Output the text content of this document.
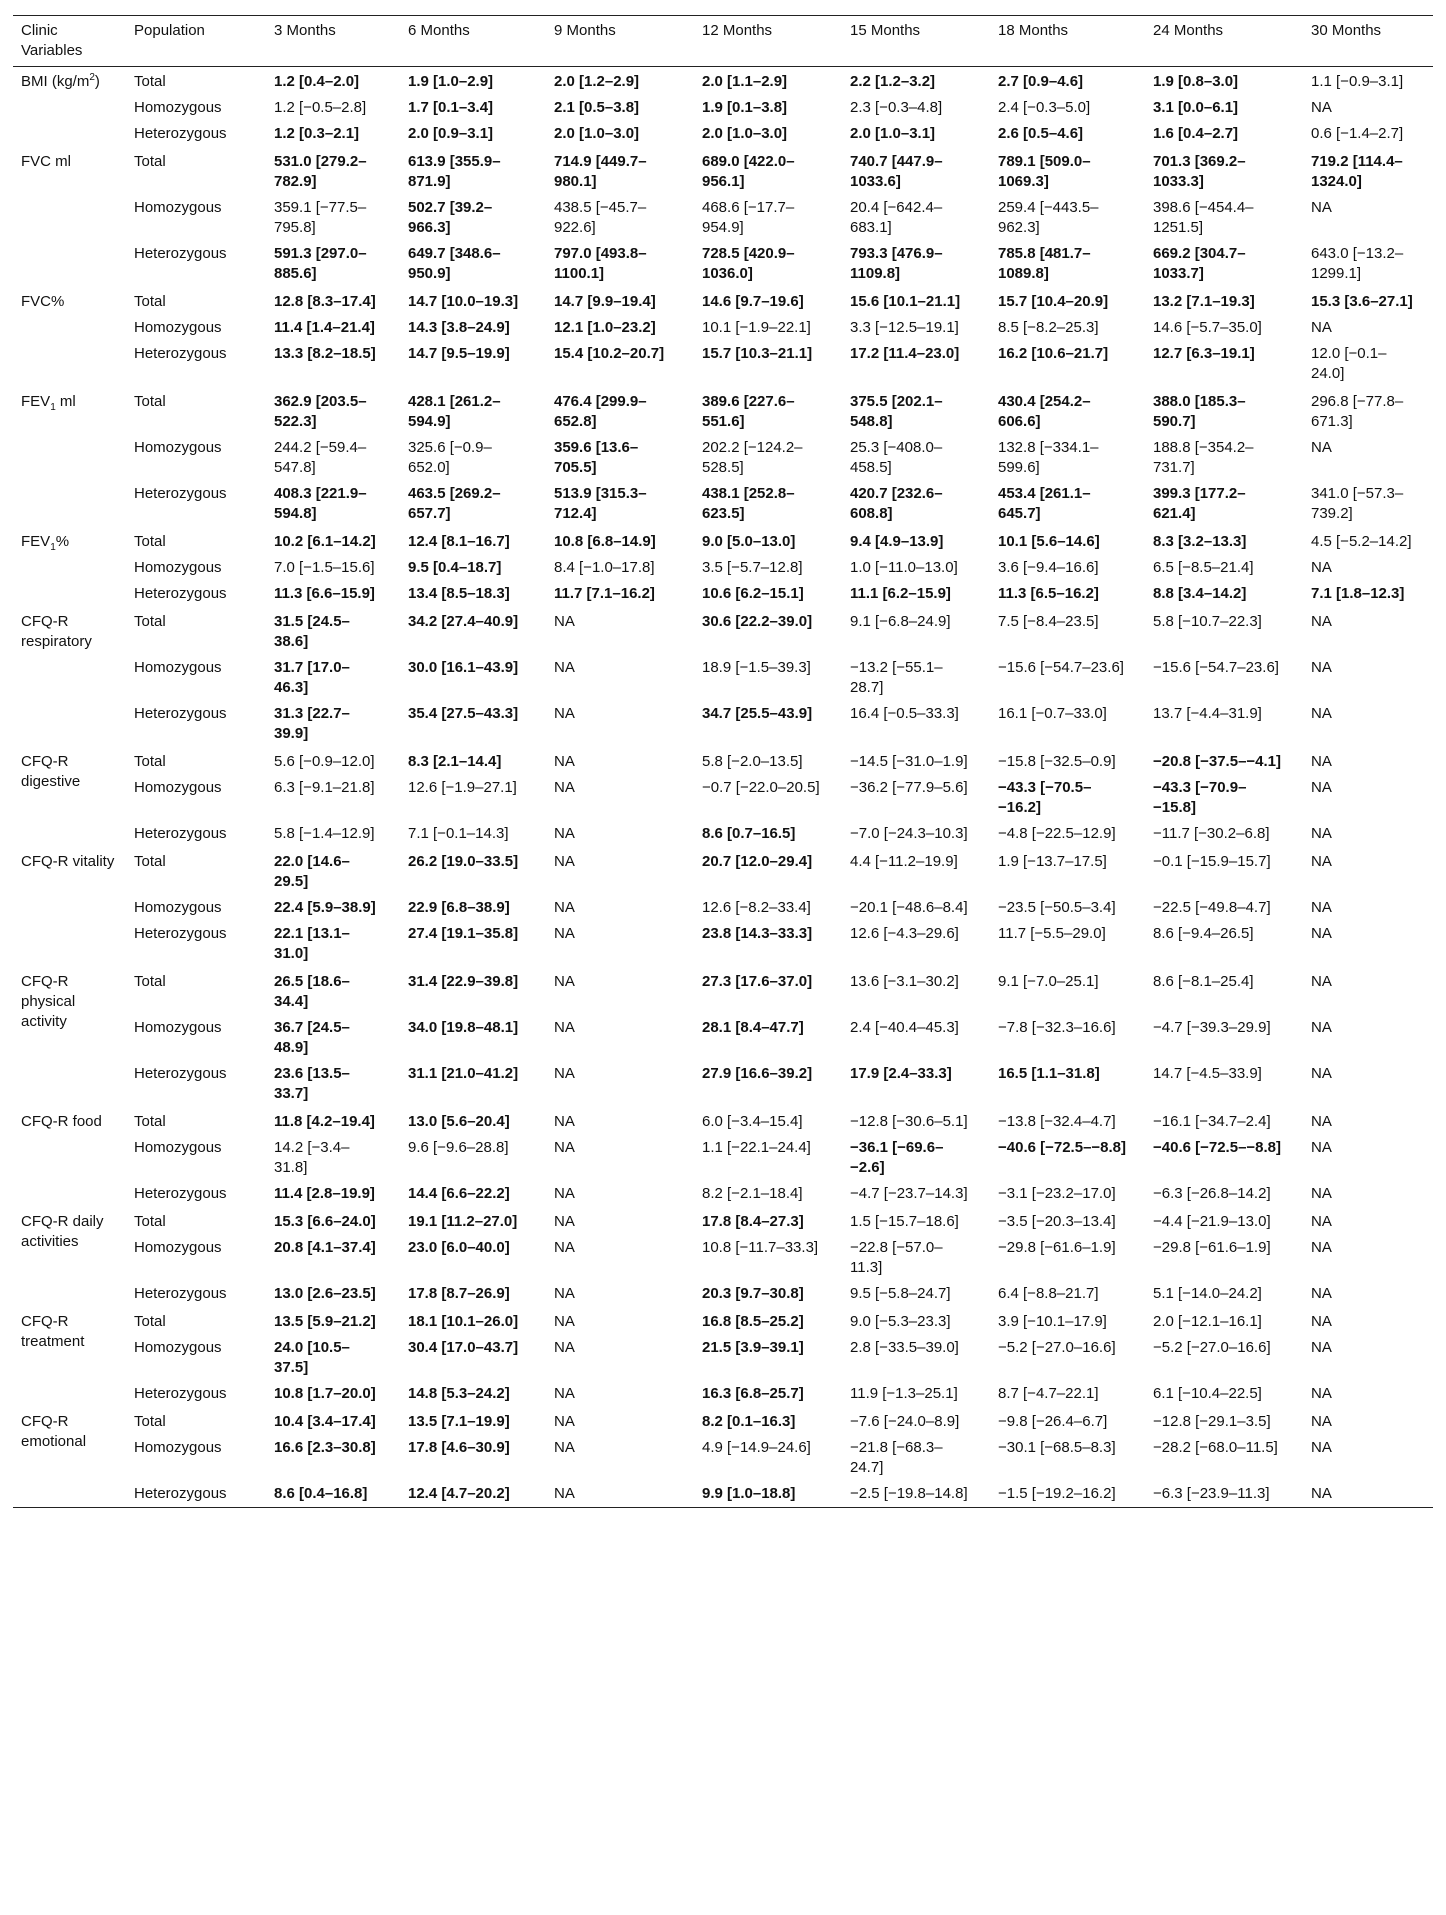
Clinic Variables	Population	3 Months	6 Months	9 Months	12 Months	15 Months	18 Months	24 Months	30 Months
BMI $(kg/m^2)$	Total	1.2 [0.4–2.0]	1.9 [1.0–2.9]	2.0 [1.2–2.9]	2.0 [1.1–2.9]	2.2 [1.2–3.2]	2.7 [0.9–4.6]	1.9 [0.8–3.0]	1.1 [−0.9–3.1]
	Homozygous	1.2 [−0.5–2.8]	1.7 [0.1–3.4]	2.1 [0.5–3.8]	1.9 [0.1–3.8]	2.3 [−0.3–4.8]	2.4 [−0.3–5.0]	3.1 [0.0–6.1]	NA
	Heterozygous	1.2 [0.3–2.1]	2.0 [0.9–3.1]	2.0 [1.0–3.0]	2.0 [1.0–3.0]	2.0 [1.0–3.1]	2.6 [0.5–4.6]	1.6 [0.4–2.7]	0.6 [−1.4–2.7]
FVC ml	Total	531.0 [279.2–782.9]	613.9 [355.9–871.9]	714.9 [449.7–980.1]	689.0 [422.0–956.1]	740.7 [447.9–1033.6]	789.1 [509.0–1069.3]	701.3 [369.2–1033.3]	719.2 [114.4–1324.0]
	Homozygous	359.1 [−77.5–795.8]	502.7 [39.2–966.3]	438.5 [−45.7–922.6]	468.6 [−17.7–954.9]	20.4 [−642.4–683.1]	259.4 [−443.5–962.3]	398.6 [−454.4–1251.5]	NA
	Heterozygous	591.3 [297.0–885.6]	649.7 [348.6–950.9]	797.0 [493.8–1100.1]	728.5 [420.9–1036.0]	793.3 [476.9–1109.8]	785.8 [481.7–1089.8]	669.2 [304.7–1033.7]	643.0 [−13.2–1299.1]
FVC%	Total	12.8 [8.3–17.4]	14.7 [10.0–19.3]	14.7 [9.9–19.4]	14.6 [9.7–19.6]	15.6 [10.1–21.1]	15.7 [10.4–20.9]	13.2 [7.1–19.3]	15.3 [3.6–27.1]
	Homozygous	11.4 [1.4–21.4]	14.3 [3.8–24.9]	12.1 [1.0–23.2]	10.1 [−1.9–22.1]	3.3 [−12.5–19.1]	8.5 [−8.2–25.3]	14.6 [−5.7–35.0]	NA
	Heterozygous	13.3 [8.2–18.5]	14.7 [9.5–19.9]	15.4 [10.2–20.7]	15.7 [10.3–21.1]	17.2 [11.4–23.0]	16.2 [10.6–21.7]	12.7 [6.3–19.1]	12.0 [−0.1–24.0]
$FEV_1$ ml	Total	362.9 [203.5–522.3]	428.1 [261.2–594.9]	476.4 [299.9–652.8]	389.6 [227.6–551.6]	375.5 [202.1–548.8]	430.4 [254.2–606.6]	388.0 [185.3–590.7]	296.8 [−77.8–671.3]
	Homozygous	244.2 [−59.4–547.8]	325.6 [−0.9–652.0]	359.6 [13.6–705.5]	202.2 [−124.2–528.5]	25.3 [−408.0–458.5]	132.8 [−334.1–599.6]	188.8 [−354.2–731.7]	NA
	Heterozygous	408.3 [221.9–594.8]	463.5 [269.2–657.7]	513.9 [315.3–712.4]	438.1 [252.8–623.5]	420.7 [232.6–608.8]	453.4 [261.1–645.7]	399.3 [177.2–621.4]	341.0 [−57.3–739.2]
$FEV_1\%$	Total	10.2 [6.1–14.2]	12.4 [8.1–16.7]	10.8 [6.8–14.9]	9.0 [5.0–13.0]	9.4 [4.9–13.9]	10.1 [5.6–14.6]	8.3 [3.2–13.3]	4.5 [−5.2–14.2]
	Homozygous	7.0 [−1.5–15.6]	9.5 [0.4–18.7]	8.4 [−1.0–17.8]	3.5 [−5.7–12.8]	1.0 [−11.0–13.0]	3.6 [−9.4–16.6]	6.5 [−8.5–21.4]	NA
	Heterozygous	11.3 [6.6–15.9]	13.4 [8.5–18.3]	11.7 [7.1–16.2]	10.6 [6.2–15.1]	11.1 [6.2–15.9]	11.3 [6.5–16.2]	8.8 [3.4–14.2]	7.1 [1.8–12.3]
CFQ-R respiratory	Total	31.5 [24.5–38.6]	34.2 [27.4–40.9]	NA	30.6 [22.2–39.0]	9.1 [−6.8–24.9]	7.5 [−8.4–23.5]	5.8 [−10.7–22.3]	NA
	Homozygous	31.7 [17.0–46.3]	30.0 [16.1–43.9]	NA	18.9 [−1.5–39.3]	−13.2 [−55.1–28.7]	−15.6 [−54.7–23.6]	−15.6 [−54.7–23.6]	NA
	Heterozygous	31.3 [22.7–39.9]	35.4 [27.5–43.3]	NA	34.7 [25.5–43.9]	16.4 [−0.5–33.3]	16.1 [−0.7–33.0]	13.7 [−4.4–31.9]	NA
CFQ-R digestive	Total	5.6 [−0.9–12.0]	8.3 [2.1–14.4]	NA	5.8 [−2.0–13.5]	−14.5 [−31.0–1.9]	−15.8 [−32.5–0.9]	−20.8 [−37.5–−4.1]	NA
	Homozygous	6.3 [−9.1–21.8]	12.6 [−1.9–27.1]	NA	−0.7 [−22.0–20.5]	−36.2 [−77.9–5.6]	−43.3 [−70.5–−16.2]	−43.3 [−70.9–−15.8]	NA
	Heterozygous	5.8 [−1.4–12.9]	7.1 [−0.1–14.3]	NA	8.6 [0.7–16.5]	−7.0 [−24.3–10.3]	−4.8 [−22.5–12.9]	−11.7 [−30.2–6.8]	NA
CFQ-R vitality	Total	22.0 [14.6–29.5]	26.2 [19.0–33.5]	NA	20.7 [12.0–29.4]	4.4 [−11.2–19.9]	1.9 [−13.7–17.5]	−0.1 [−15.9–15.7]	NA
	Homozygous	22.4 [5.9–38.9]	22.9 [6.8–38.9]	NA	12.6 [−8.2–33.4]	−20.1 [−48.6–8.4]	−23.5 [−50.5–3.4]	−22.5 [−49.8–4.7]	NA
	Heterozygous	22.1 [13.1–31.0]	27.4 [19.1–35.8]	NA	23.8 [14.3–33.3]	12.6 [−4.3–29.6]	11.7 [−5.5–29.0]	8.6 [−9.4–26.5]	NA
CFQ-R physical activity	Total	26.5 [18.6–34.4]	31.4 [22.9–39.8]	NA	27.3 [17.6–37.0]	13.6 [−3.1–30.2]	9.1 [−7.0–25.1]	8.6 [−8.1–25.4]	NA
	Homozygous	36.7 [24.5–48.9]	34.0 [19.8–48.1]	NA	28.1 [8.4–47.7]	2.4 [−40.4–45.3]	−7.8 [−32.3–16.6]	−4.7 [−39.3–29.9]	NA
	Heterozygous	23.6 [13.5–33.7]	31.1 [21.0–41.2]	NA	27.9 [16.6–39.2]	17.9 [2.4–33.3]	16.5 [1.1–31.8]	14.7 [−4.5–33.9]	NA
CFQ-R food	Total	11.8 [4.2–19.4]	13.0 [5.6–20.4]	NA	6.0 [−3.4–15.4]	−12.8 [−30.6–5.1]	−13.8 [−32.4–4.7]	−16.1 [−34.7–2.4]	NA
	Homozygous	14.2 [−3.4–31.8]	9.6 [−9.6–28.8]	NA	1.1 [−22.1–24.4]	−36.1 [−69.6–−2.6]	−40.6 [−72.5–−8.8]	−40.6 [−72.5–−8.8]	NA
	Heterozygous	11.4 [2.8–19.9]	14.4 [6.6–22.2]	NA	8.2 [−2.1–18.4]	−4.7 [−23.7–14.3]	−3.1 [−23.2–17.0]	−6.3 [−26.8–14.2]	NA
CFQ-R daily activities	Total	15.3 [6.6–24.0]	19.1 [11.2–27.0]	NA	17.8 [8.4–27.3]	1.5 [−15.7–18.6]	−3.5 [−20.3–13.4]	−4.4 [−21.9–13.0]	NA
	Homozygous	20.8 [4.1–37.4]	23.0 [6.0–40.0]	NA	10.8 [−11.7–33.3]	−22.8 [−57.0–11.3]	−29.8 [−61.6–1.9]	−29.8 [−61.6–1.9]	NA
	Heterozygous	13.0 [2.6–23.5]	17.8 [8.7–26.9]	NA	20.3 [9.7–30.8]	9.5 [−5.8–24.7]	6.4 [−8.8–21.7]	5.1 [−14.0–24.2]	NA
CFQ-R treatment	Total	13.5 [5.9–21.2]	18.1 [10.1–26.0]	NA	16.8 [8.5–25.2]	9.0 [−5.3–23.3]	3.9 [−10.1–17.9]	2.0 [−12.1–16.1]	NA
	Homozygous	24.0 [10.5–37.5]	30.4 [17.0–43.7]	NA	21.5 [3.9–39.1]	2.8 [−33.5–39.0]	−5.2 [−27.0–16.6]	−5.2 [−27.0–16.6]	NA
	Heterozygous	10.8 [1.7–20.0]	14.8 [5.3–24.2]	NA	16.3 [6.8–25.7]	11.9 [−1.3–25.1]	8.7 [−4.7–22.1]	6.1 [−10.4–22.5]	NA
CFQ-R emotional	Total	10.4 [3.4–17.4]	13.5 [7.1–19.9]	NA	8.2 [0.1–16.3]	−7.6 [−24.0–8.9]	−9.8 [−26.4–6.7]	−12.8 [−29.1–3.5]	NA
	Homozygous	16.6 [2.3–30.8]	17.8 [4.6–30.9]	NA	4.9 [−14.9–24.6]	−21.8 [−68.3–24.7]	−30.1 [−68.5–8.3]	−28.2 [−68.0–11.5]	NA
	Heterozygous	8.6 [0.4–16.8]	12.4 [4.7–20.2]	NA	9.9 [1.0–18.8]	−2.5 [−19.8–14.8]	−1.5 [−19.2–16.2]	−6.3 [−23.9–11.3]	NA
